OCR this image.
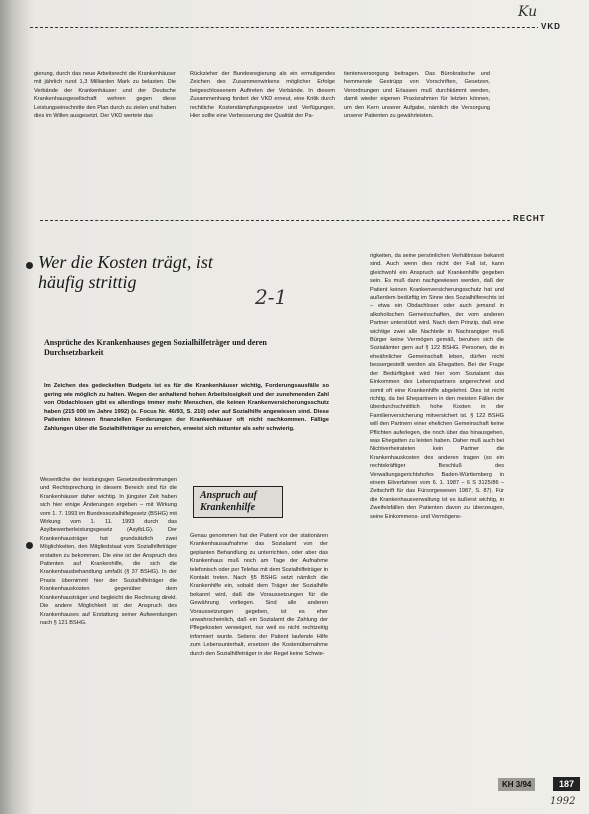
Ku
VKD
gierung, durch das neue Arbeitsrecht die Krankenhäuser mit jährlich rund 1,3 Milliarden Mark zu belasten. Die Verbände der Krankenhäuser und der Deutsche Krankenhausgesellschaft wehren gegen diese Leistungseinschnitte den Plan durch zu zielen und haben dies im Willen ausgesetzt. Der VKD wertete das
Rückzieher der Bundesregierung als ein ermutigendes Zeichen des Zusammenwirkens möglicher Erfolge beigeschlossenem Auftreten der Verbände. In diesem Zusammenhang fordert der VKD erneut, eine Kritik durch rechtliche Kostendämpfungsgesetze und Verfügungen. Hier sollte eine Verbesserung der Qualität der Pa-
tientenversorgung beitragen. Das Bürokratische und hemmende Gestrüpp von Vorschriften, Gesetzen, Verordnungen und Erlassen muß durchkämmt werden, damit wieder eigenen Praxisrahmen für letzten können, um den Kern unserer Aufgabe, nämlich die Versorgung unserer Patienten zu gewährleisten.
RECHT
Wer die Kosten trägt, ist häufig strittig
2-1
Ansprüche des Krankenhauses gegen Sozialhilfeträger und deren Durchsetzbarkeit
Im Zeichen des gedeckelten Budgets ist es für die Krankenhäuser wichtig, Forderungsausfälle so gering wie möglich zu halten. Wegen der anhaltend hohen Arbeitslosigkeit und der zunehmenden Zahl von Obdachlosen gibt es allerdings immer mehr Menschen, die keinen Krankenversicherungsschutz haben (215 000 im Jahre 1992) (s. Focus Nr. 46/93, S. 210) oder auf Sozialhilfe angewiesen sind. Diese Patienten können finanziellen Forderungen der Krankenhäuser oft nicht nachkommen. Fällige Zahlungen über die Sozialhilfeträger zu erreichen, erweist sich mitunter als sehr schwierig.
Wesentliche der leistungsgen Gesetzesbestimmungen und Rechtsprechung in diesem Bereich sind für die Krankenhäuser daher wichtig. In jüngster Zeit haben sich hier einige Änderungen ergeben – mit Wirkung vom 1. 7. 1993 im Bundessozialhilfegesetz (BSHG) mit Wirkung vom 1. 11. 1993 durch das Asylbewerberleistungsgesetz (AsylbLG). Der Krankenhausträger hat grundsätzlich zwei Möglichkeiten, den Mitgliedstaat vom Sozialhilfeträger erstatten zu bekommen. Die eine ist der Anspruch des Patienten auf Krankenhilfe, die sich die Krankenhausbehandlung umfaßt (§ 37 BSHG). In der Praxis übernimmt hier der Sozialhilfeträger die Krankenhauskosten gegenüber dem Krankenhausträger und begleicht die Rechnung direkt. Die andere Möglichkeit ist der Anspruch des Krankenhauses auf Erstattung seiner Aufwendungen nach § 121 BSHG.
Anspruch auf Krankenhilfe
Genau genommen hat der Patient vor der stationären Krankenhausaufnahme das Sozialamt von der geplanten Behandlung zu unterrichten, oder aber das Krankenhaus muß noch am Tage der Aufnahme telefonisch oder per Telefax mit dem Sozialhilfeträger in Kontakt treten. Nach §5 BSHG setzt nämlich die Krankenhilfe ein, sobald dem Träger der Sozialhilfe bekannt wird, daß die Voraussetzungen für die Gewährung vorliegen. Sind alle anderen Voraussetzungen gegeben, ist es eher unwahrscheinlich, daß ein Sozialamt die Zahlung der Pflegekosten verweigert, nur weil es nicht rechtzeitig informiert wurde. Seitens der Patient laufende Hilfe zum Lebensunterhalt, ersetzen die Kostenübernahme durch den Sozialhilfeträger in der Regel keine Schwie-
rigkeiten, da seine persönlichen Verhältnisse bekannt sind. Auch wenn dies nicht der Fall ist, kann gleichwohl ein Anspruch auf Krankenhilfe gegeben sein. Es muß dann nachgewiesen werden, daß der Patient keinen Krankenversicherungsschutz hat und außerdem bedürftig im Sinne des Sozialhilferechts ist – etwa ein Obdachloser oder auch jemand in alkoholischen Gemeinschaften, der vom anderen Partner unterstützt wird. Nach dem Prinzip, daß eine wichtige zwei alle Nachteile in Nachrangiger muß Bürger keine Vermögen gemäß, beruhen sich die Sozialämter gern auf § 122 BSHG. Personen, die in eheähnlicher Gemeinschaft leben, dürfen nicht bessergestellt werden als Ehegatten. Bei der Frage der Bedürftigkeit wird hier vom Sozialamt das Einkommen des Lebenspartners angerechnet und somit oft eine Krankenhilfe abgelehnt. Dies ist nicht richtig, da bei Ehepartnern in den meisten Fällen der überdurchschnittlich hohe Kosten in der Familienversicherung mitversichert ist. § 122 BSHG will den Partnern einer ehelichen Gemeinschaft keine Pflichten auferlegen, die noch über das hinausgehen, was Ehegatten zu leisten haben. Daher muß auch bei Nichtverheirateten kein Partner die Krankenhauskosten des anderen tragen (so ein rechtskräftiger Beschluß des Verwaltungsgerichtshofes Baden-Württemberg in einem Eilverfahren vom 6. 1. 1987 – 6 S 3125/86 – Zeitschrift für das Fürsorgewesen 1987, S. 87). Für die Krankenhausverwaltung ist es äußerst wichtig, in Zweifelsfällen den Patienten davon zu überzeugen, seine Einkommens- und Vermögens-
KH 3/94	187
1992
